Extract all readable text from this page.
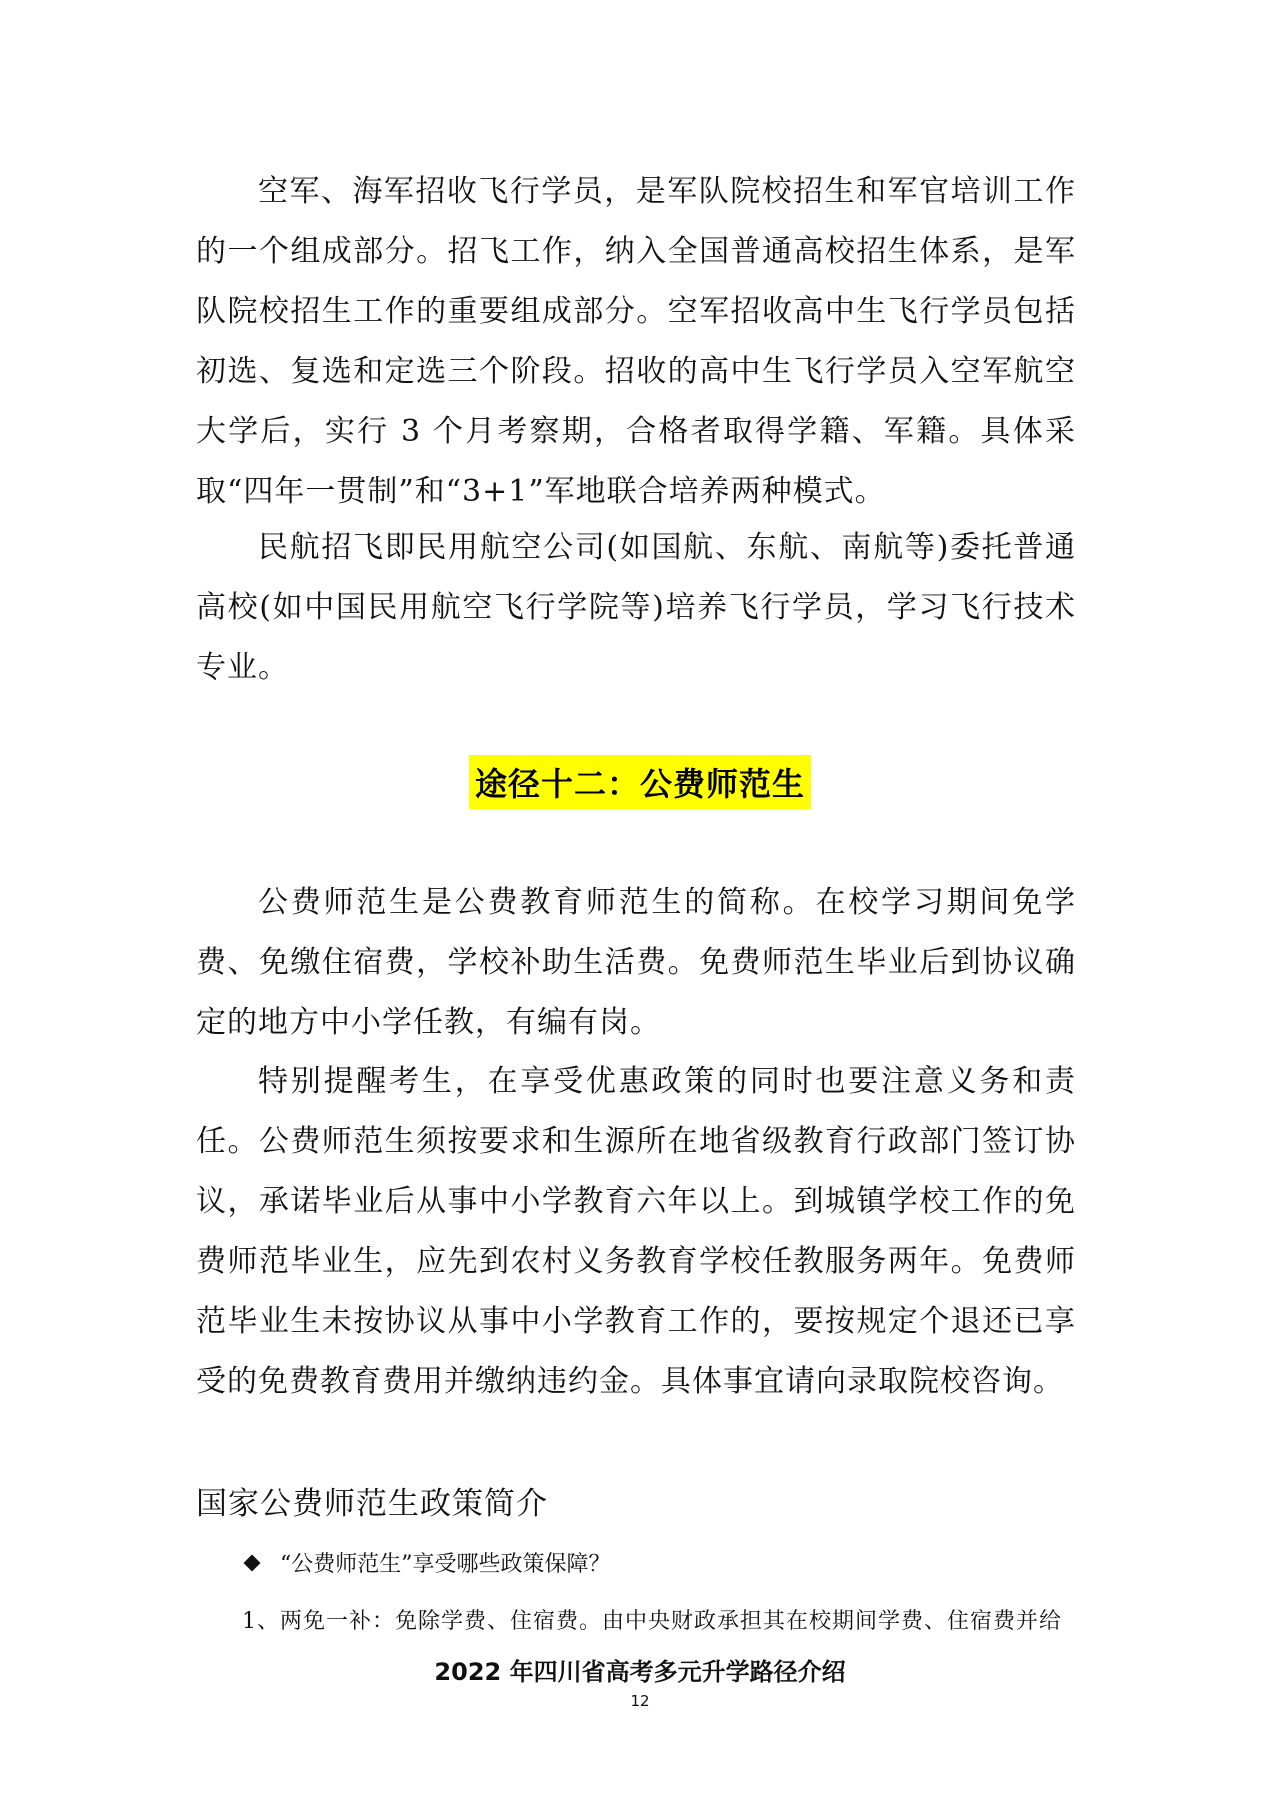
空军、海军招收飞行学员，是军队院校招生和军官培训工作的一个组成部分。招飞工作，纳入全国普通高校招生体系，是军队院校招生工作的重要组成部分。空军招收高中生飞行学员包括初选、复选和定选三个阶段。招收的高中生飞行学员入空军航空大学后，实行 3 个月考察期，合格者取得学籍、军籍。具体采取“四年一贯制”和“3+1”军地联合培养两种模式。

民航招飞即民用航空公司(如国航、东航、南航等)委托普通高校(如中国民用航空飞行学院等)培养飞行学员，学习飞行技术专业。

途径十二：公费师范生

公费师范生是公费教育师范生的简称。在校学习期间免学费、免缴住宿费，学校补助生活费。免费师范生毕业后到协议确定的地方中小学任教，有编有岗。

特别提醒考生，在享受优惠政策的同时也要注意义务和责任。公费师范生须按要求和生源所在地省级教育行政部门签订协议，承诺毕业后从事中小学教育六年以上。到城镇学校工作的免费师范毕业生，应先到农村义务教育学校任教服务两年。免费师范毕业生未按协议从事中小学教育工作的，要按规定个退还已享受的免费教育费用并缴纳违约金。具体事宜请向录取院校咨询。

国家公费师范生政策简介

“公费师范生”享受哪些政策保障？

1、两免一补：免除学费、住宿费。由中央财政承担其在校期间学费、住宿费并给

2022 年四川省高考多元升学路径介绍

12
